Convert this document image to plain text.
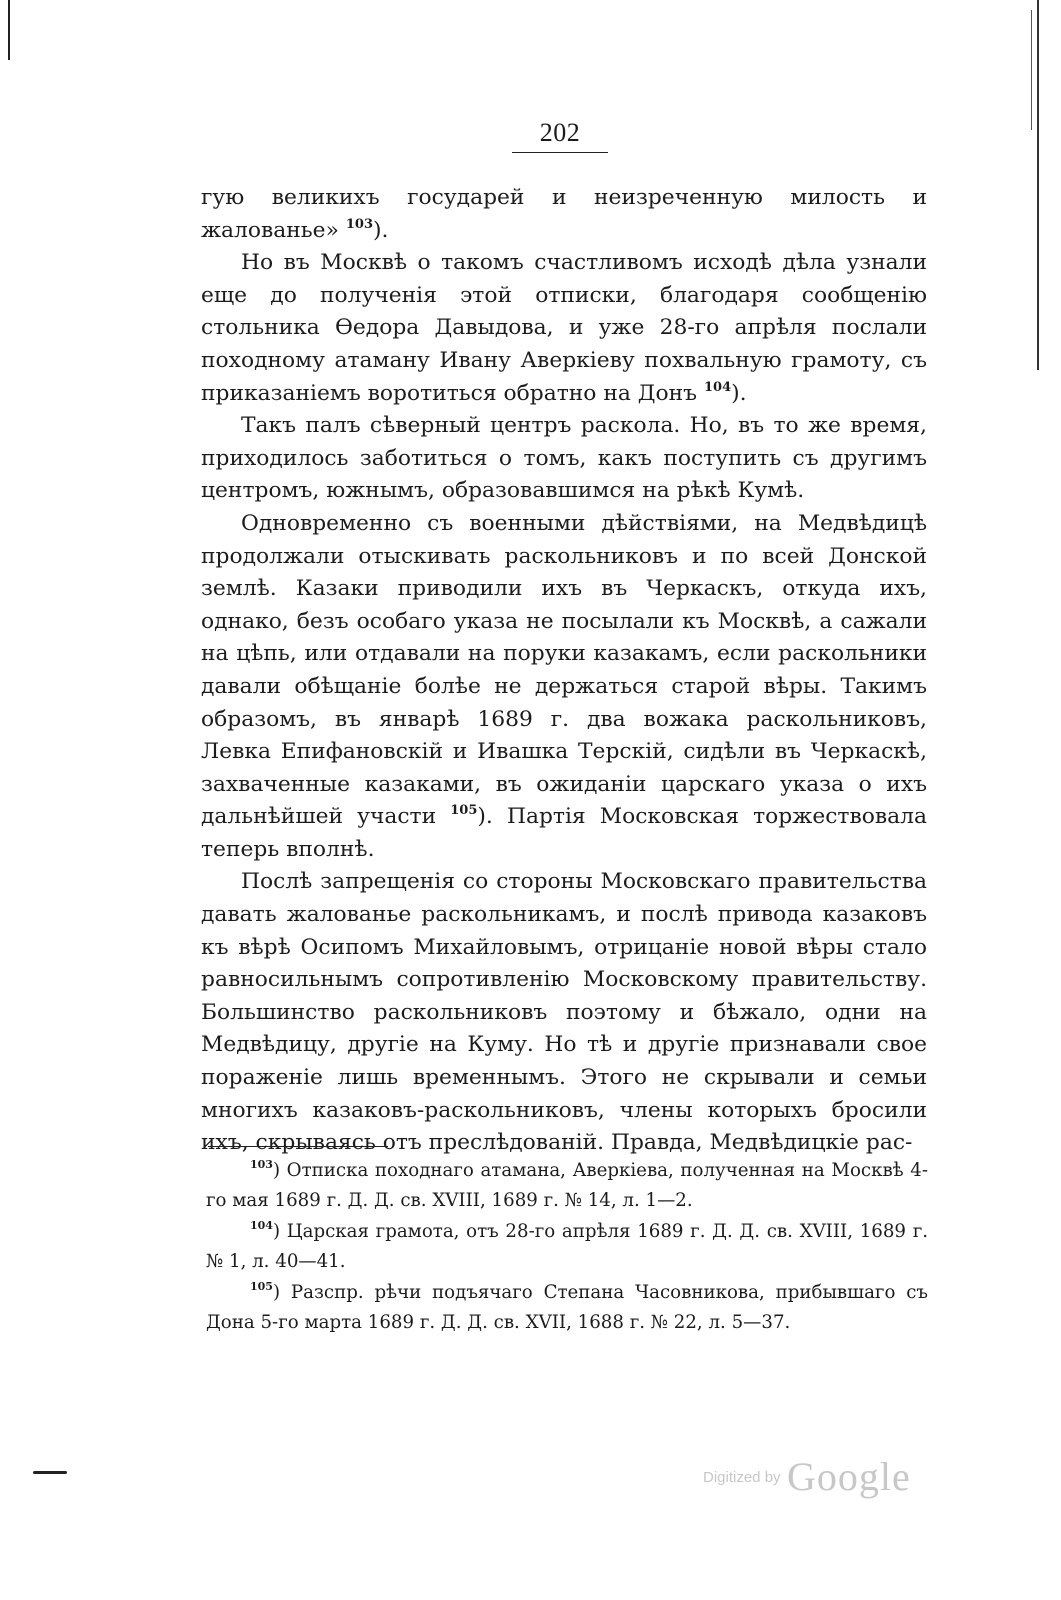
202

гую великихъ государей и неизреченную милость и жалованье» $^{103}$).

Но въ Москвѣ о такомъ счастливомъ исходѣ дѣла узнали еще до полученія этой отписки, благодаря сообщенію стольника Ѳедора Давыдова, и уже 28-го апрѣля послали походному атаману Ивану Аверкіеву похвальную грамоту, съ приказаніемъ воротиться обратно на Донъ $^{104}$).

Такъ палъ сѣверный центръ раскола. Но, въ то же время, приходилось заботиться о томъ, какъ поступить съ другимъ центромъ, южнымъ, образовавшимся на рѣкѣ Кумѣ.

Одновременно съ военными дѣйствіями, на Медвѣдицѣ продолжали отыскивать раскольниковъ и по всей Донской землѣ. Казаки приводили ихъ въ Черкаскъ, откуда ихъ, однако, безъ особаго указа не посылали къ Москвѣ, а сажали на цѣпь, или отдавали на поруки казакамъ, если раскольники давали обѣщаніе болѣе не держаться старой вѣры. Такимъ образомъ, въ январѣ 1689 г. два вожака раскольниковъ, Левка Епифановскій и Ивашка Терскій, сидѣли въ Черкаскѣ, захваченные казаками, въ ожиданіи царскаго указа о ихъ дальнѣйшей участи $^{105}$). Партія Московская торжествовала теперь вполнѣ.

Послѣ запрещенія со стороны Московскаго правительства давать жалованье раскольникамъ, и послѣ привода казаковъ къ вѣрѣ Осипомъ Михайловымъ, отрицаніе новой вѣры стало равносильнымъ сопротивленію Московскому правительству. Большинство раскольниковъ поэтому и бѣжало, одни на Медвѣдицу, другіе на Куму. Но тѣ и другіе признавали свое пораженіе лишь временнымъ. Этого не скрывали и семьи многихъ казаковъ-раскольниковъ, члены которыхъ бросили ихъ, скрываясь отъ преслѣдованій. Правда, Медвѣдицкіе рас-

$^{103}$) Отписка походнаго атамана, Аверкіева, полученная на Москвѣ 4-го мая 1689 г. Д. Д. св. XVIII, 1689 г. № 14, л. 1—2.

$^{104}$) Царская грамота, отъ 28-го апрѣля 1689 г. Д. Д. св. XVIII, 1689 г. № 1, л. 40—41.

$^{105}$) Разспр. рѣчи подъячаго Степана Часовникова, прибывшаго съ Дона 5-го марта 1689 г. Д. Д. св. XVII, 1688 г. № 22, л. 5—37.

Digitized by Google
